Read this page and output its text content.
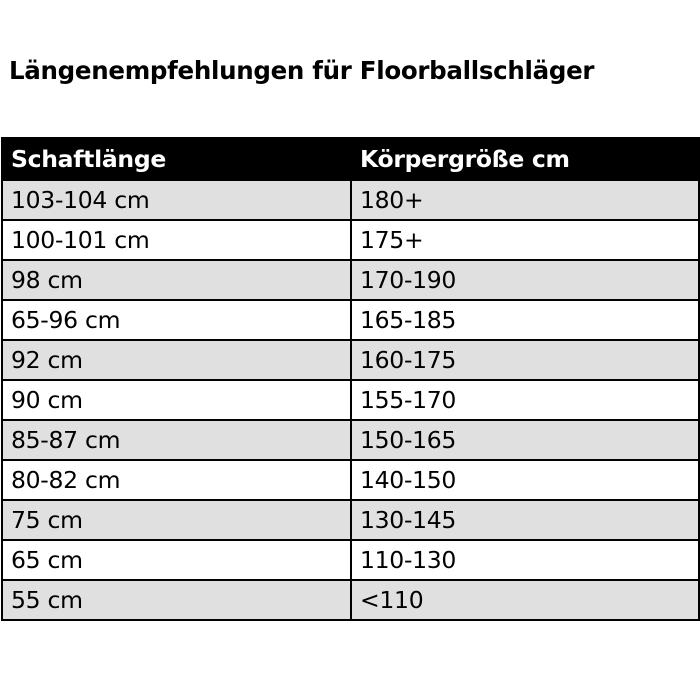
Längenempfehlungen für Floorballschläger
Schaftlänge	Körpergröße cm
103-104 cm	180+
100-101 cm	175+
98 cm	170-190
65-96 cm	165-185
92 cm	160-175
90 cm	155-170
85-87 cm	150-165
80-82 cm	140-150
75 cm	130-145
65 cm	110-130
55 cm	<110
